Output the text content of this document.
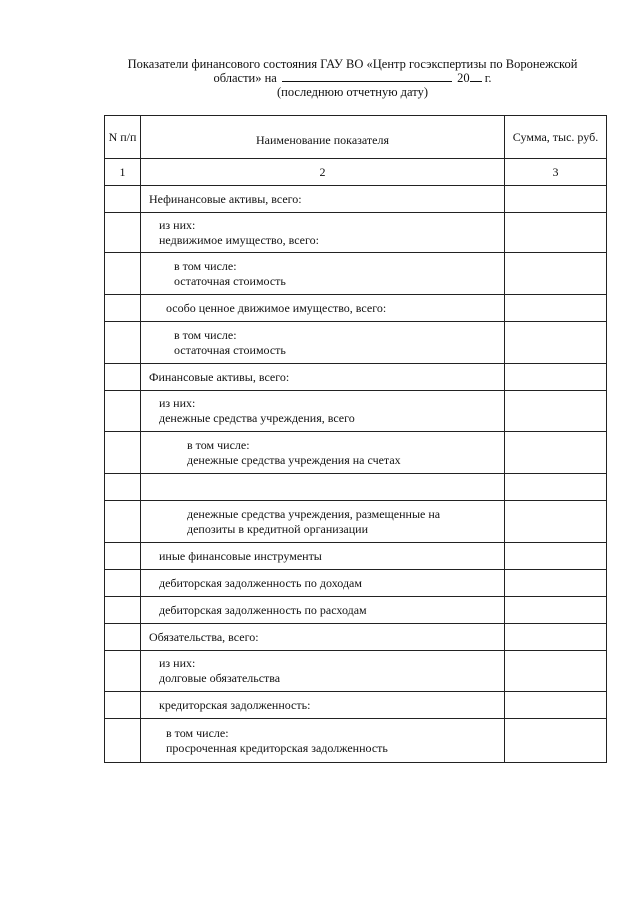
Показатели финансового состояния ГАУ ВО «Центр госэкспертизы по Воронежской
области» на	20 г.
(последнюю отчетную дату)
N п/п	Наименование показателя	Сумма, тыс. руб.
1	2	3

	Нефинансовые активы, всего:	

	из них:
недвижимое имущество, всего:	

	в том числе:
остаточная стоимость	

	особо ценное движимое имущество, всего:	

	в том числе:
остаточная стоимость	

	Финансовые активы, всего:	

	из них:
денежные средства учреждения, всего	

	в том числе:
денежные средства учреждения на счетах	

	денежные средства учреждения, размещенные на
депозиты в кредитной организации	

	иные финансовые инструменты	

	дебиторская задолженность по доходам	

	дебиторская задолженность по расходам	

	Обязательства, всего:	

	из них:
долговые обязательства	

	кредиторская задолженность:	

	в том числе:
просроченная кредиторская задолженность	
